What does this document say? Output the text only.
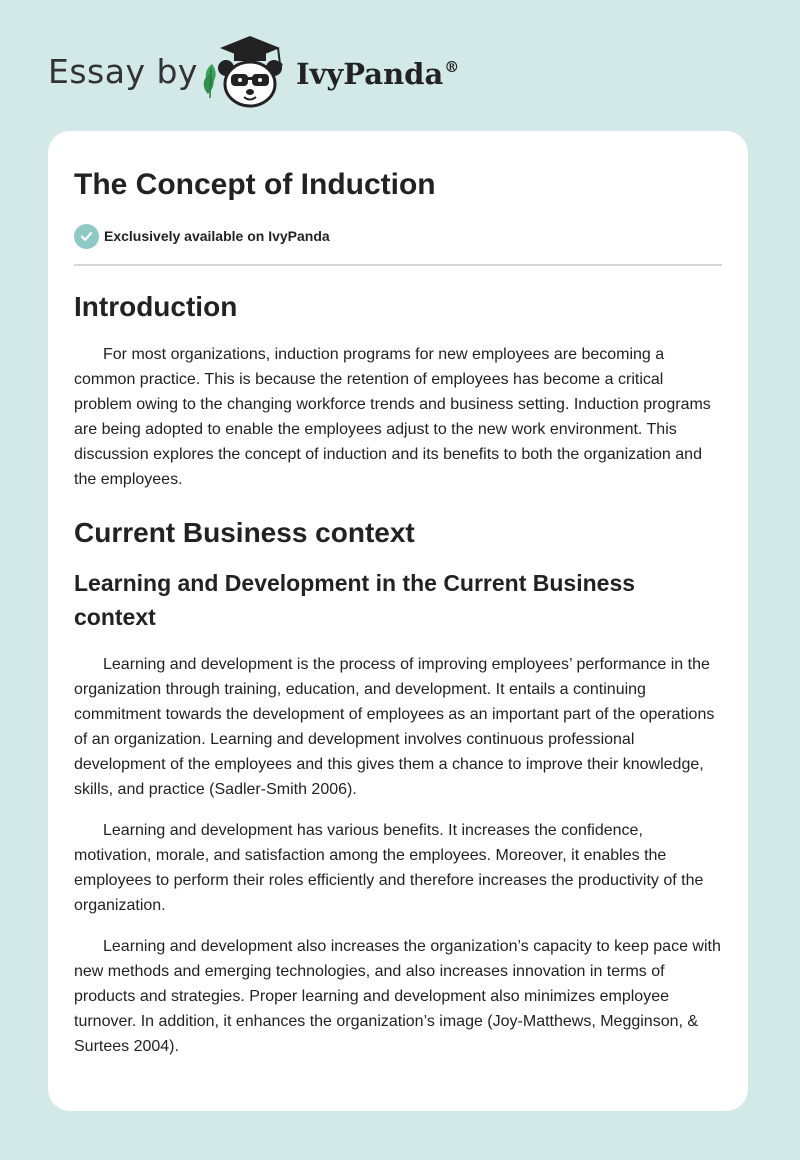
Essay by	IvyPanda®
The Concept of Induction
Exclusively available on IvyPanda
Introduction

For most organizations, induction programs for new employees are becoming a common practice. This is because the retention of employees has become a critical problem owing to the changing workforce trends and business setting. Induction programs are being adopted to enable the employees adjust to the new work environment. This discussion explores the concept of induction and its benefits to both the organization and the employees.

Current Business context
Learning and Development in the Current Business context

Learning and development is the process of improving employees’ performance in the organization through training, education, and development. It entails a continuing commitment towards the development of employees as an important part of the operations of an organization. Learning and development involves continuous professional development of the employees and this gives them a chance to improve their knowledge, skills, and practice (Sadler-Smith 2006).

Learning and development has various benefits. It increases the confidence, motivation, morale, and satisfaction among the employees. Moreover, it enables the employees to perform their roles efficiently and therefore increases the productivity of the organization.

Learning and development also increases the organization’s capacity to keep pace with new methods and emerging technologies, and also increases innovation in terms of products and strategies. Proper learning and development also minimizes employee turnover. In addition, it enhances the organization’s image (Joy-Matthews, Megginson, & Surtees 2004).
